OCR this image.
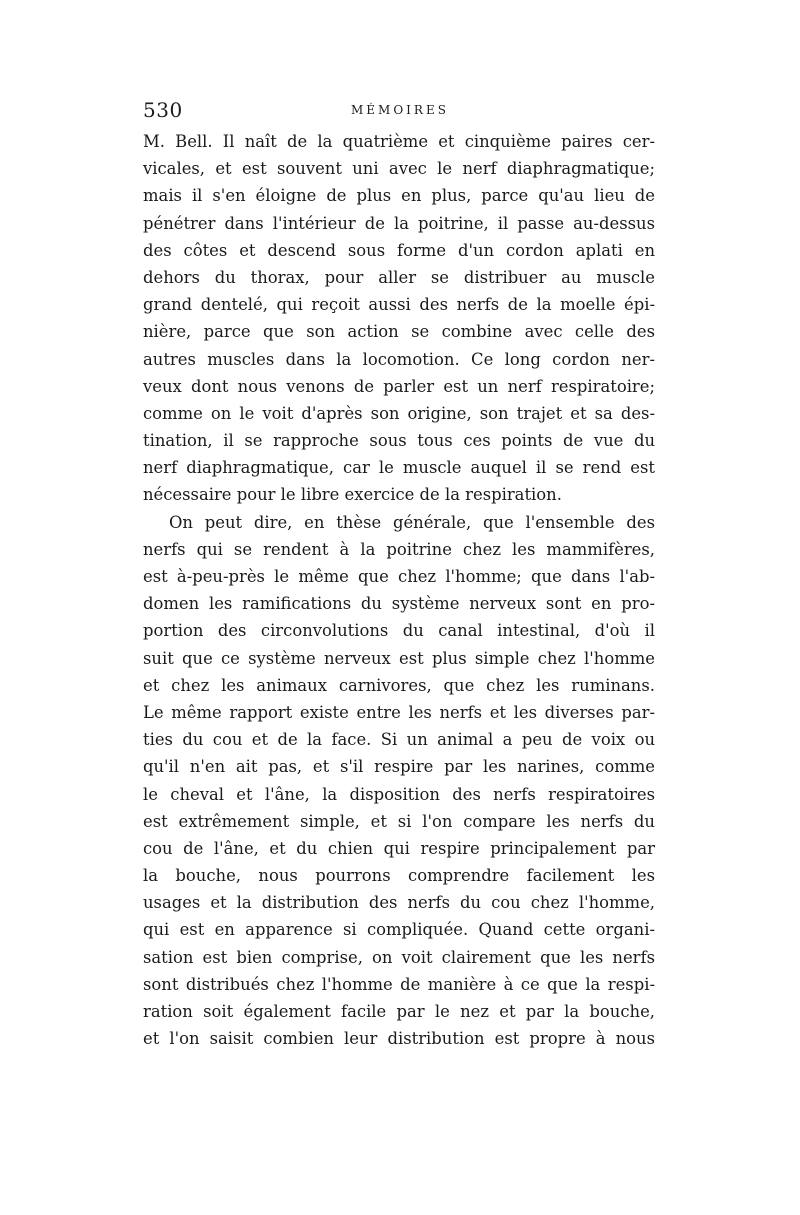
530	MÉMOIRES
M. Bell. Il naît de la quatrième et cinquième paires cer-
vicales, et est souvent uni avec le nerf diaphragmatique;
mais il s'en éloigne de plus en plus, parce qu'au lieu de
pénétrer dans l'intérieur de la poitrine, il passe au-dessus
des côtes et descend sous forme d'un cordon aplati en
dehors du thorax, pour aller se distribuer au muscle
grand dentelé, qui reçoit aussi des nerfs de la moelle épi-
nière, parce que son action se combine avec celle des
autres muscles dans la locomotion. Ce long cordon ner-
veux dont nous venons de parler est un nerf respiratoire;
comme on le voit d'après son origine, son trajet et sa des-
tination, il se rapproche sous tous ces points de vue du
nerf diaphragmatique, car le muscle auquel il se rend est
nécessaire pour le libre exercice de la respiration.
On peut dire, en thèse générale, que l'ensemble des
nerfs qui se rendent à la poitrine chez les mammifères,
est à-peu-près le même que chez l'homme; que dans l'ab-
domen les ramifications du système nerveux sont en pro-
portion des circonvolutions du canal intestinal, d'où il
suit que ce système nerveux est plus simple chez l'homme
et chez les animaux carnivores, que chez les ruminans.
Le même rapport existe entre les nerfs et les diverses par-
ties du cou et de la face. Si un animal a peu de voix ou
qu'il n'en ait pas, et s'il respire par les narines, comme
le cheval et l'âne, la disposition des nerfs respiratoires
est extrêmement simple, et si l'on compare les nerfs du
cou de l'âne, et du chien qui respire principalement par
la bouche, nous pourrons comprendre facilement les
usages et la distribution des nerfs du cou chez l'homme,
qui est en apparence si compliquée. Quand cette organi-
sation est bien comprise, on voit clairement que les nerfs
sont distribués chez l'homme de manière à ce que la respi-
ration soit également facile par le nez et par la bouche,
et l'on saisit combien leur distribution est propre à nous
